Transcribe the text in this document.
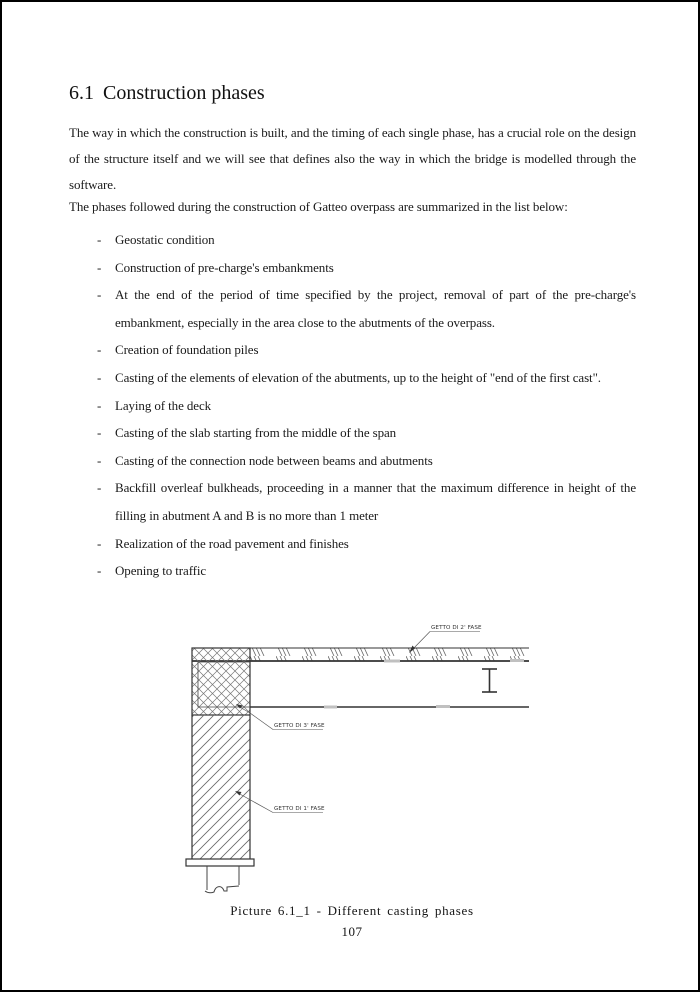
6.1 Construction phases

The way in which the construction is built, and the timing of each single phase, has a crucial role on the design of the structure itself and we will see that defines also the way in which the bridge is modelled through the software.

The phases followed during the construction of Gatteo overpass are summarized in the list below:

- Geostatic condition
- Construction of pre-charge's embankments
- At the end of the period of time specified by the project, removal of part of the pre-charge's embankment, especially in the area close to the abutments of the overpass.
- Creation of foundation piles
- Casting of the elements of elevation of the abutments, up to the height of "end of the first cast".
- Laying of the deck
- Casting of the slab starting from the middle of the span
- Casting of the connection node between beams and abutments
- Backfill overleaf bulkheads, proceeding in a manner that the maximum difference in height of the filling in abutment A and B is no more than 1 meter
- Realization of the road pavement and finishes
- Opening to traffic
GETTO DI 2' FASE
GETTO DI 3' FASE
GETTO DI 1' FASE
Picture 6.1_1 - Different casting phases
107
